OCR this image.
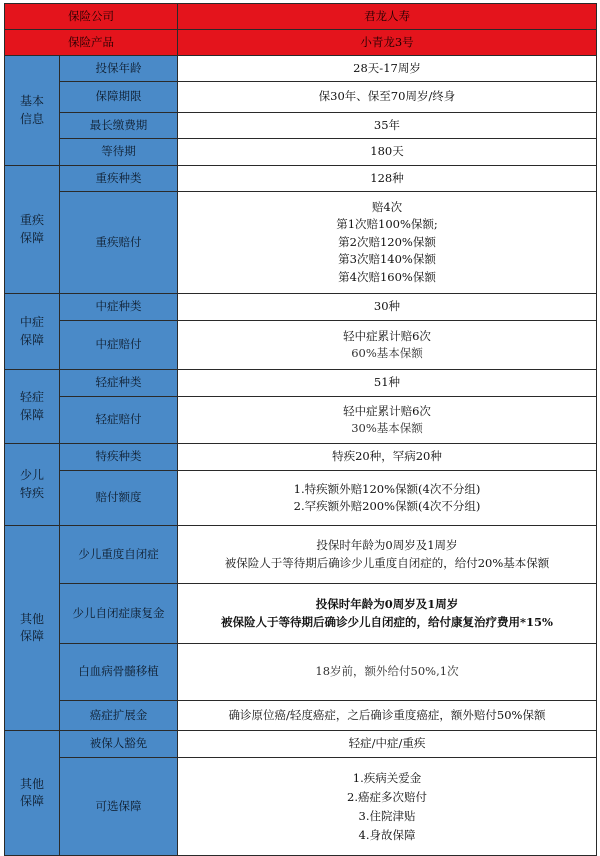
保险公司		君龙人寿
保险产品		小青龙3号

基本
信息	投保年龄	28天-17周岁
	保障期限	保30年、保至70周岁/终身
	最长缴费期	35年
	等待期	180天

重疾
保障	重疾种类	128种
	重疾赔付	赔4次
第1次赔100%保额;
第2次赔120%保额
第3次赔140%保额
第4次赔160%保额

中症
保障	中症种类	30种
	中症赔付	轻中症累计赔6次
60%基本保额

轻症
保障	轻症种类	51种
	轻症赔付	轻中症累计赔6次
30%基本保额

少儿
特疾	特疾种类	特疾20种，罕病20种
	赔付额度	1.特疾额外赔120%保额(4次不分组)
2.罕疾额外赔200%保额(4次不分组)

其他
保障	少儿重度自闭症	投保时年龄为0周岁及1周岁
被保险人于等待期后确诊少儿重度自闭症的，给付20%基本保额

	少儿自闭症康复金	投保时年龄为0周岁及1周岁
被保险人于等待期后确诊少儿自闭症的，给付康复治疗费用*15%

	白血病骨髓移植	18岁前，额外给付50%,1次
	癌症扩展金	确诊原位癌/轻度癌症，之后确诊重度癌症，额外赔付50%保额

其他
保障	被保人豁免	轻症/中症/重疾
	可选保障	1.疾病关爱金
2.癌症多次赔付
3.住院津贴
4.身故保障
